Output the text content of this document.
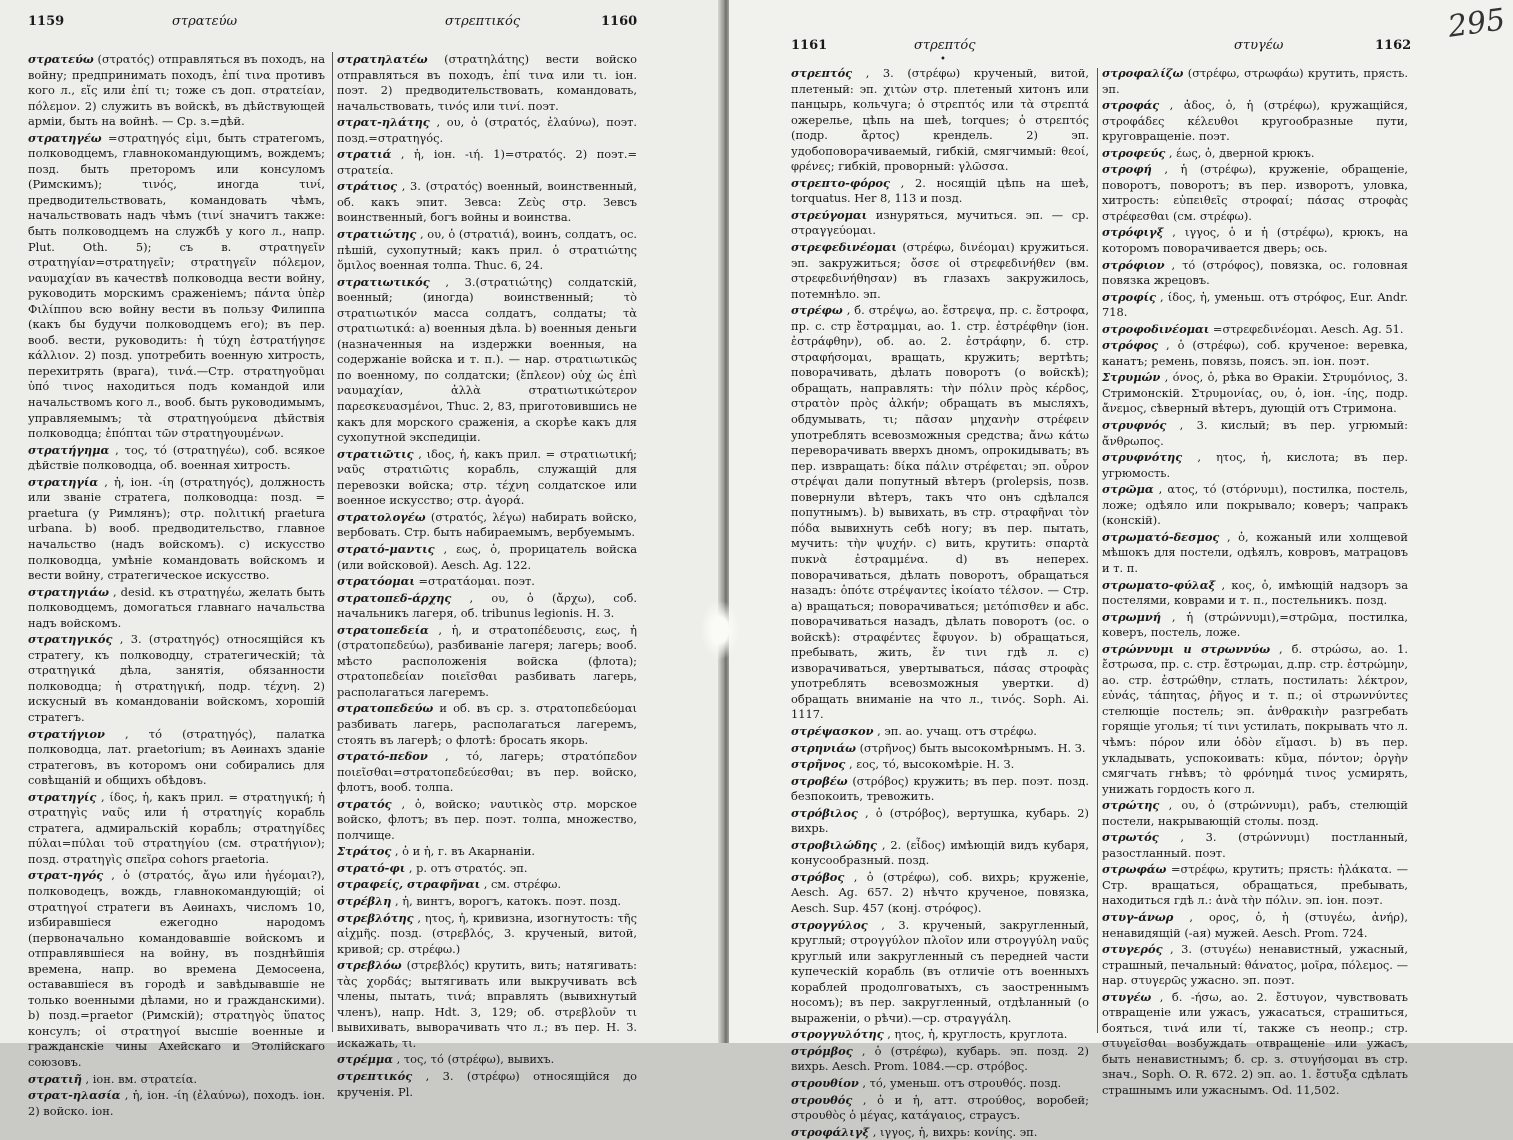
1159	στρατεύω	στρεπτικός	1160
στρατεύω (στρατός) отправляться въ походъ, на войну; предпринимать походъ, ἐπί τινα противъ кого л., εἴς или ἐπί τι; тоже съ доп. στρατείαν, πόλεμον. 2) служить въ войскѣ, въ дѣйствующей арміи, быть на войнѣ. — Ср. з.=дѣй.
στρατηγέω =στρατηγός εἰμι, быть стратегомъ, полководцемъ, главнокомандующимъ, вождемъ; позд. быть преторомъ или консуломъ (Римскимъ); τινός, иногда τινί, предводительствовать, командовать чѣмъ, начальствовать надъ чѣмъ (τινί значитъ также: быть полководцемъ на службѣ у кого л., напр. Plut. Oth. 5); съ в. στρατηγεῖν στρατηγίαν=στρατηγεῖν; στρατηγεῖν πόλεμον, ναυμαχίαν въ качествѣ полководца вести войну, руководить морскимъ сраженіемъ; πάντα ὑπὲρ Φιλίππου всю войну вести въ пользу Филиппа (какъ бы будучи полководцемъ его); въ пер. вооб. вести, руководить: ἡ τύχη ἐστρατήγησε κάλλιον. 2) позд. употребить военную хитрость, перехитрять (врага), τινά.—Стр. στρατηγοῦμαι ὑπό τινος находиться подъ командой или начальствомъ кого л., вооб. быть руководимымъ, управляемымъ; τὰ στρατηγούμενα дѣйствія полководца; ἐπόπται τῶν στρατηγουμένων.
στρατήγημα , τος, τό (στρατηγέω), соб. всякое дѣйствіе полководца, об. военная хитрость.
στρατηγία , ἡ, іон. -ίη (στρατηγός), должность или званіе стратега, полководца: позд. = praetura (у Римлянъ); στρ. πολιτική praetura urbana. b) вооб. предводительство, главное начальство (надъ войскомъ). c) искусство полководца, умѣніе командовать войскомъ и вести войну, стратегическое искусство.
στρατηγιάω , desid. къ στρατηγέω, желать быть полководцемъ, домогаться главнаго начальства надъ войскомъ.
στρατηγικός , 3. (στρατηγός) относящійся къ стратегу, къ полководцу, стратегическій; τὰ στρατηγικά дѣла, занятія, обязанности полководца; ἡ στρατηγική, подр. τέχνη. 2) искусный въ командованіи войскомъ, хорошій стратегъ.
στρατήγιον , τό (στρατηγός), палатка полководца, лат. praetorium; въ Аѳинахъ зданіе стратеговъ, въ которомъ они собирались для совѣщаній и общихъ обѣдовъ.
στρατηγίς , ίδος, ἡ, какъ прил. = στρατηγική; ἡ στρατηγὶς ναῦς или ἡ στρατηγίς корабль стратега, адмиральскій корабль; στρατηγίδες πύλαι=πύλαι τοῦ στρατηγίου (см. στρατήγιον); позд. στρατηγὶς σπεῖρα cohors praetoria.
στρατ-ηγός , ὁ (στρατός, ἄγω или ἡγέομαι?), полководецъ, вождь, главнокомандующій; οἱ στρατηγοί стратеги въ Аѳинахъ, числомъ 10, избиравшіеся ежегодно народомъ (первоначально командовавшіе войскомъ и отправлявшіеся на войну, въ позднѣйшія времена, напр. во времена Демосѳена, остававшіеся въ городѣ и завѣдывавшіе не только военными дѣлами, но и гражданскими). b) позд.=praetor (Римскій); στρατηγὸς ὕπατος консулъ; οἱ στρατηγοί высшіе военные и гражданскіе чины Ахейскаго и Этолійскаго союзовъ.
στρατιῆ , іон. вм. στρατεία.
στρατ-ηλασία , ἡ, іон. -ίη (ἐλαύνω), походъ. іон. 2) войско. іон.
στρατηλατέω (στρατηλάτης) вести войско отправляться въ походъ, ἐπί τινα или τι. іон. поэт. 2) предводительствовать, командовать, начальствовать, τινός или τινί. поэт.
στρατ-ηλάτης , ου, ὁ (στρατός, ἐλαύνω), поэт. позд.=στρατηγός.
στρατιά , ἡ, іон. -ιή. 1)=στρατός. 2) поэт.= στρατεία.
στράτιος , 3. (στρατός) военный, воинственный, об. какъ эпит. Зевса: Ζεὺς στρ. Зевсъ воинственный, богъ войны и воинства.
στρατιώτης , ου, ὁ (στρατιά), воинъ, солдатъ, ос. пѣшій, сухопутный; какъ прил. ὁ στρατιώτης ὅμιλος военная толпа. Thuc. 6, 24.
στρατιωτικός , 3.(στρατιώτης) солдатскій, военный; (иногда) воинственный; τὸ στρατιωτικόν масса солдатъ, солдаты; τὰ στρατιωτικά: a) военныя дѣла. b) военныя деньги (назначенныя на издержки военныя, на содержаніе войска и т. п.). — нар. στρατιωτικῶς по военному, по солдатски; (ἔπλεον) οὐχ ὡς ἐπὶ ναυμαχίαν, ἀλλὰ στρατιωτικώτερον παρεσκευασμένοι, Thuc. 2, 83, приготовившись не какъ для морского сраженія, а скорѣе какъ для сухопутной экспедиціи.
στρατιῶτις , ιδος, ἡ, какъ прил. = στρατιωτική; ναῦς στρατιῶτις корабль, служащій для перевозки войска; στρ. τέχνη солдатское или военное искусство; στρ. ἀγορά.
στρατολογέω (στρατός, λέγω) набирать войско, вербовать. Стр. быть набираемымъ, вербуемымъ.
στρατό-μαντις , εως, ὁ, прорицатель войска (или войсковой). Aesch. Ag. 122.
στρατόομαι =στρατάομαι. поэт.
στρατοπεδ-άρχης , ου, ὁ (ἄρχω), соб. начальникъ лагеря, об. tribunus legionis. Н. З.
στρατοπεδεία , ἡ, и στρατοπέδευσις, εως, ἡ (στρατοπεδεύω), разбиваніе лагеря; лагерь; вооб. мѣсто расположенія войска (флота); στρατοπεδείαν ποιεῖσθαι разбивать лагерь, располагаться лагеремъ.
στρατοπεδεύω и об. въ ср. з. στρατοπεδεύομαι разбивать лагерь, располагаться лагеремъ, стоять въ лагерѣ; о флотѣ: бросать якорь.
στρατό-πεδον , τό, лагерь; στρατόπεδον ποιεῖσθαι=στρατοπεδεύεσθαι; въ пер. войско, флотъ, вооб. толпа.
στρατός , ὁ, войско; ναυτικὸς στρ. морское войско, флотъ; въ пер. поэт. толпа, множество, полчище.
Στράτος , ὁ и ἡ, г. въ Акарнаніи.
στρατό-φι , р. отъ στρατός. эп.
στραφείς, στραφῆναι , см. στρέφω.
στρέβλη , ἡ, винтъ, ворогъ, катокъ. поэт. позд.
στρεβλότης , ητος, ἡ, кривизна, изогнутость: τῆς αἰχμῆς. позд. (στρεβλός, 3. крученый, витой, кривой; ср. στρέφω.)
στρεβλόω (στρεβλός) крутить, вить; натягивать: τὰς χορδάς; вытягивать или выкручивать всѣ члены, пытать, τινά; вправлять (вывихнутый членъ), напр. Hdt. 3, 129; об. στρεβλοῦν τι вывихивать, выворачивать что л.; въ пер. Н. З. искажать, τι.
στρέμμα , τος, τό (στρέφω), вывихъ.
στρεπτικός , 3. (στρέφω) относящійся до крученія. Pl.
1161	στρεπτός
•
στυγέω	1162
295
στρεπτός , 3. (στρέφω) крученый, витой, плетеный: эп. χιτὼν στρ. плетеный хитонъ или панцырь, кольчуга; ὁ στρεπτός или τὰ στρεπτά ожерелье, цѣпь на шеѣ, torques; ὁ στρεπτός (подр. ἄρτος) крендель. 2) эп. удобоповорачиваемый, гибкій, смягчимый: θεοί, φρένες; гибкій, проворный: γλῶσσα.
στρεπτο-φόρος , 2. носящій цѣпь на шеѣ, torquatus. Her 8, 113 и позд.
στρεύγομαι изнуряться, мучиться. эп. — ср. στραγγεύομαι.
στρεφεδινέομαι (στρέφω, δινέομαι) кружиться. эп. закружиться; ὄσσε οἱ στρεφεδινήθεν (вм. στρεφεδινήθησαν) въ глазахъ закружилось, потемнѣло. эп.
στρέφω , б. στρέψω, ао. ἔστρεψα, пр. с. ἔστροφα, пр. с. стр ἔστραμμαι, ао. 1. стр. ἐστρέφθην (іон. ἐστράφθην), об. ао. 2. ἐστράφην, б. стр. στραφήσομαι, вращать, кружить; вертѣть; поворачивать, дѣлать поворотъ (о войскѣ); обращать, направлять: τὴν πόλιν πρὸς κέρδος, στρατὸν πρὸς ἀλκήν; обращать въ мысляхъ, обдумывать, τι; πᾶσαν μηχανὴν στρέφειν употреблять всевозможныя средства; ἄνω κάτω переворачивать вверхъ дномъ, опрокидывать; въ пер. извращать: δίκα πάλιν στρέφεται; эп. οὖρον στρέψαι дали попутный вѣтеръ (prolepsis, позв. повернули вѣтеръ, такъ что онъ сдѣлался попутнымъ). b) вывихать, въ стр. στραφῆναι τὸν πόδα вывихнуть себѣ ногу; въ пер. пытать, мучить: τὴν ψυχήν. c) вить, крутить: σπαρτὰ πυκνὰ ἐστραμμένα. d) въ неперех. поворачиваться, дѣлать поворотъ, обращаться назадъ: ὁπότε στρέψαντες ἱκοίατο τέλσον. — Стр. a) вращаться; поворачиваться; μετόπισθεν и абс. поворачиваться назадъ, дѣлать поворотъ (ос. о войскѣ): στραφέντες ἔφυγον. b) обращаться, пребывать, жить, ἔν τινι гдѣ л. c) изворачиваться, увертываться, πάσας στροφὰς употреблять всевозможныя увертки. d) обращать вниманіе на что л., τινός. Soph. Ai. 1117.
στρέψασκον , эп. ао. учащ. отъ στρέφω.
στρηνιάω (στρῆνος) быть высокомѣрнымъ. Н. З.
στρῆνος , εος, τό, высокомѣріе. Н. З.
στροβέω (στρόβος) кружить; въ пер. поэт. позд. безпокоить, тревожить.
στρόβιλος , ὁ (στρόβος), вертушка, кубарь. 2) вихрь.
στροβιλώδης , 2. (εἶδος) имѣющій видъ кубаря, конусообразный. позд.
στρόβος , ὁ (στρέφω), соб. вихрь; круженіе, Aesch. Ag. 657. 2) нѣчто крученое, повязка, Aesch. Sup. 457 (конј. στρόφος).
στρογγύλος , 3. крученый, закругленный, круглый; στρογγύλον πλοῖον или στρογγύλη ναῦς круглый или закругленный съ передней части купеческій корабль (въ отличіе отъ военныхъ кораблей продолговатыхъ, съ заостреннымъ носомъ); въ пер. закругленный, отдѣланный (о выраженіи, о рѣчи).—ср. στραγγάλη.
στρογγυλότης , ητος, ἡ, круглость, круглота.
στρόμβος , ὁ (στρέφω), кубарь. эп. позд. 2) вихрь. Aesch. Prom. 1084.—ср. στρόβος.
στρουθίον , τό, уменьш. отъ στρουθός. позд.
στρουθός , ὁ и ἡ, атт. στρούθος, воробей; στρουθὸς ὁ μέγας, κατάγαιος, страусъ.
στροφάλιγξ , ιγγος, ἡ, вихрь: κονίης. эп.
στροφαλίζω (στρέφω, στρωφάω) крутить, прясть. эп.
στροφάς , ἀδος, ὁ, ἡ (στρέφω), кружащійся, στροφάδες κέλευθοι кругообразные пути, круговращеніе. поэт.
στροφεύς , έως, ὁ, дверной крюкъ.
στροφή , ἡ (στρέφω), круженіе, обращеніе, поворотъ, поворотъ; въ пер. изворотъ, уловка, хитрость: εὐπειθεῖς στροφαί; πάσας στροφὰς στρέφεσθαι (см. στρέφω).
στρόφιγξ , ιγγος, ὁ и ἡ (στρέφω), крюкъ, на которомъ поворачивается дверь; ось.
στρόφιον , τό (στρόφος), повязка, ос. головная повязка жрецовъ.
στροφίς , ίδος, ἡ, уменьш. отъ στρόφος, Eur. Andr. 718.
στροφοδινέομαι =στρεφεδινέομαι. Aesch. Ag. 51.
στρόφος , ὁ (στρέφω), соб. крученое: веревка, канатъ; ремень, повязь, поясъ. эп. іон. поэт.
Στρυμών , όνος, ὁ, рѣка во Ѳракіи. Στρυμόνιος, 3. Стримонскій. Στρυμονίας, ου, ὁ, іон. -ίης, подр. ἄνεμος, сѣверный вѣтеръ, дующій отъ Стримона.
στρυφνός , 3. кислый; въ пер. угрюмый: ἄνθρωπος.
στρυφνότης , ητος, ἡ, кислота; въ пер. угрюмость.
στρῶμα , ατος, τό (στόρνυμι), постилка, постель, ложе; одѣяло или покрывало; коверъ; чапракъ (конскій).
στρωματό-δεσμος , ὁ, кожаный или холщевой мѣшокъ для постели, одѣялъ, ковровъ, матрацовъ и т. п.
στρωματο-φύλαξ , κος, ὁ, имѣющій надзоръ за постелями, коврами и т. п., постельникъ. позд.
στρωμνή , ἡ (στρώννυμι),=στρῶμα, постилка, коверъ, постель, ложе.
στρώννυμι и στρωννύω , б. στρώσω, ао. 1. ἔστρωσα, пр. с. стр. ἔστρωμαι, д.пр. стр. ἐστρώμην, ао. стр. ἐστρώθην, стлать, постилать: λέκτρον, εὐνάς, τάπητας, ῥῆγος и т. п.; οἱ στρωννύντες стелющіе постель; эп. ἀνθρακιὴν разгребать горящіе уголья; τί τινι устилать, покрывать что л. чѣмъ: πόρον или ὁδὸν εἵμασι. b) въ пер. укладывать, успокоивать: κῦμα, πόντον; ὀργὴν смягчать гнѣвъ; τὸ φρόνημά τινος усмирять, унижать гордость кого л.
στρώτης , ου, ὁ (στρώννυμι), рабъ, стелющій постели, накрывающій столы. позд.
στρωτός , 3. (στρώννυμι) постланный, разостланный. поэт.
στρωφάω =στρέφω, крутить; прясть: ἠλάκατα. —Стр. вращаться, обращаться, пребывать, находиться гдѣ л.: ἀνὰ τὴν πόλιν. эп. іон. поэт.
στυγ-άνωρ , ορος, ὁ, ἡ (στυγέω, ἀνήρ), ненавидящій (-ая) мужей. Aesch. Prom. 724.
στυγερός , 3. (στυγέω) ненавистный, ужасный, страшный, печальный: θάνατος, μοῖρα, πόλεμος. — нар. στυγερῶς ужасно. эп. поэт.
στυγέω , б. -ήσω, ао. 2. ἔστυγον, чувствовать отвращеніе или ужасъ, ужасаться, страшиться, бояться, τινά или τί, также съ неопр.; стр. στυγεῖσθαι возбуждать отвращеніе или ужасъ, быть ненавистнымъ; б. ср. з. στυγήσομαι въ стр. знач., Soph. O. R. 672. 2) эп. ао. 1. ἔστυξα сдѣлать страшнымъ или ужаснымъ. Od. 11,502.
